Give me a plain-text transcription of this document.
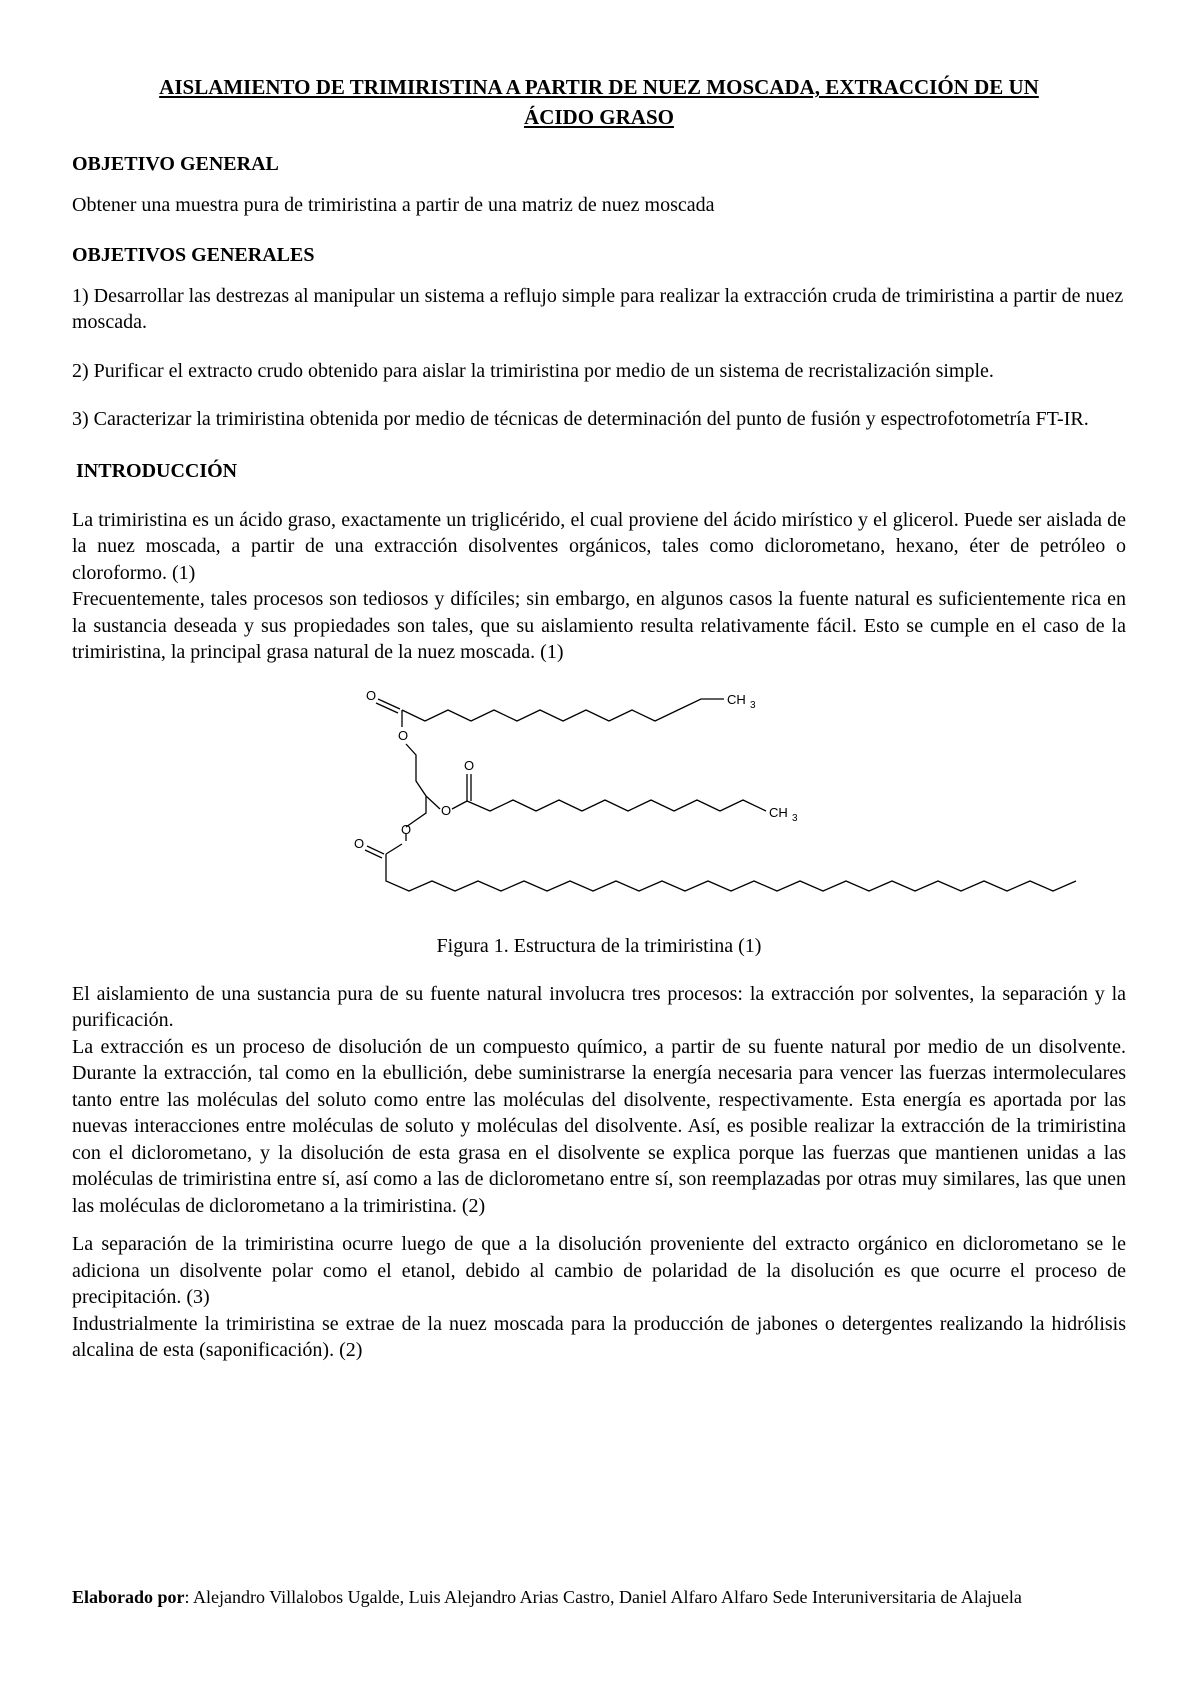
AISLAMIENTO DE TRIMIRISTINA A PARTIR DE NUEZ MOSCADA, EXTRACCIÓN DE UN
ÁCIDO GRASO
OBJETIVO GENERAL

Obtener una muestra pura de trimiristina a partir de una matriz de nuez moscada

OBJETIVOS GENERALES

1) Desarrollar las destrezas al manipular un sistema a reflujo simple para realizar la extracción cruda de trimiristina a partir de nuez moscada.

2) Purificar el extracto crudo obtenido para aislar la trimiristina por medio de un sistema de recristalización simple.

3) Caracterizar la trimiristina obtenida por medio de técnicas de determinación del punto de fusión y espectrofotometría FT-IR.

INTRODUCCIÓN

La trimiristina es un ácido graso, exactamente un triglicérido, el cual proviene del ácido mirístico y el glicerol. Puede ser aislada de la nuez moscada, a partir de una extracción disolventes orgánicos, tales como diclorometano, hexano, éter de petróleo o cloroformo. (1)

Frecuentemente, tales procesos son tediosos y difíciles; sin embargo, en algunos casos la fuente natural es suficientemente rica en la sustancia deseada y sus propiedades son tales, que su aislamiento resulta relativamente fácil. Esto se cumple en el caso de la trimiristina, la principal grasa natural de la nuez moscada. (1)

O
O
O
O
O
O
CH 3
CH 3
Figura 1. Estructura de la trimiristina (1)

El aislamiento de una sustancia pura de su fuente natural involucra tres procesos: la extracción por solventes, la separación y la purificación.

La extracción es un proceso de disolución de un compuesto químico, a partir de su fuente natural por medio de un disolvente. Durante la extracción, tal como en la ebullición, debe suministrarse la energía necesaria para vencer las fuerzas intermoleculares tanto entre las moléculas del soluto como entre las moléculas del disolvente, respectivamente. Esta energía es aportada por las nuevas interacciones entre moléculas de soluto y moléculas del disolvente. Así, es posible realizar la extracción de la trimiristina con el diclorometano, y la disolución de esta grasa en el disolvente se explica porque las fuerzas que mantienen unidas a las moléculas de trimiristina entre sí, así como a las de diclorometano entre sí, son reemplazadas por otras muy similares, las que unen las moléculas de diclorometano a la trimiristina. (2)

La separación de la trimiristina ocurre luego de que a la disolución proveniente del extracto orgánico en diclorometano se le adiciona un disolvente polar como el etanol, debido al cambio de polaridad de la disolución es que ocurre el proceso de precipitación. (3)

Industrialmente la trimiristina se extrae de la nuez moscada para la producción de jabones o detergentes realizando la hidrólisis alcalina de esta (saponificación). (2)

Elaborado por: Alejandro Villalobos Ugalde, Luis Alejandro Arias Castro, Daniel Alfaro Alfaro Sede Interuniversitaria de Alajuela
